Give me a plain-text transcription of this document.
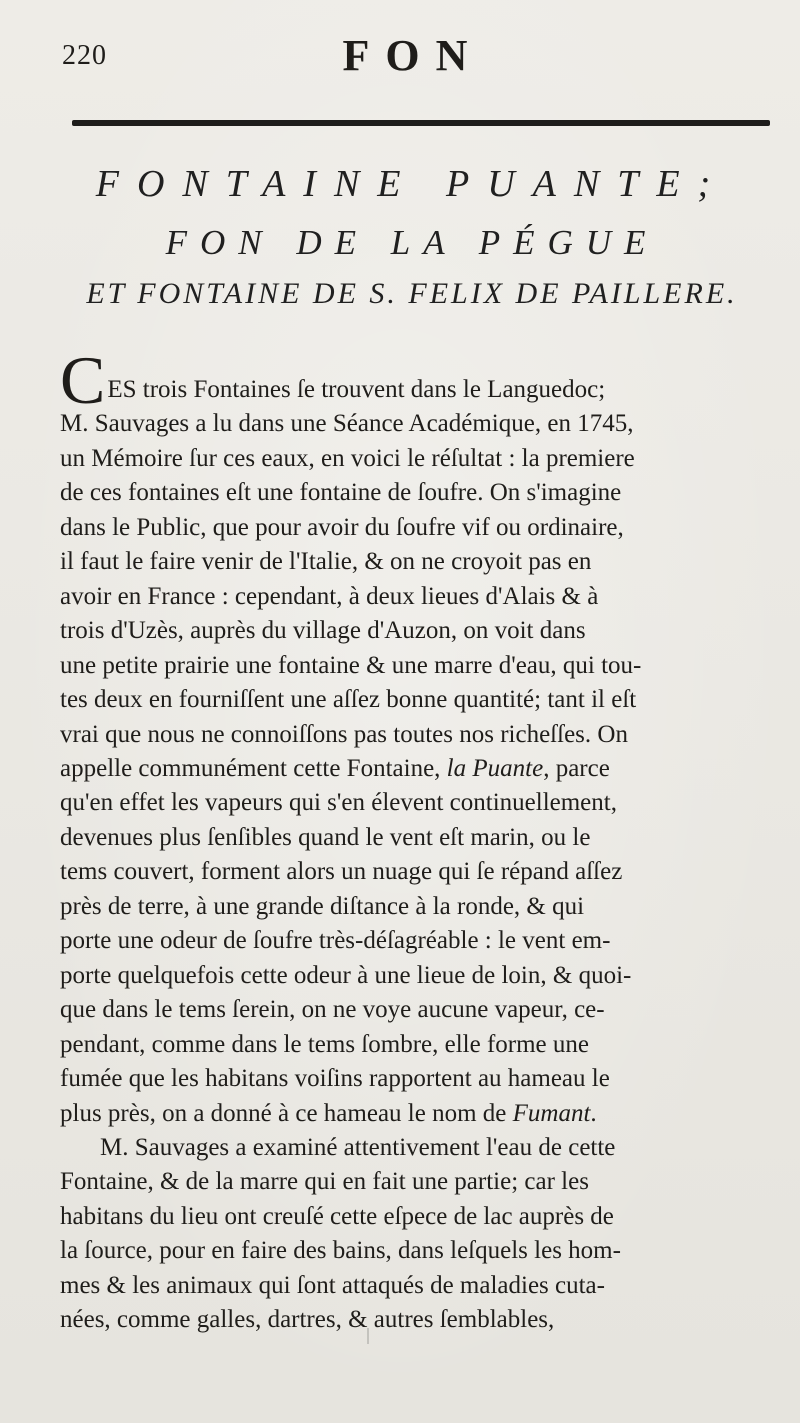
220	FON
FONTAINE PUANTE;
FON DE LA PÉGUE
ET FONTAINE DE S. FELIX DE PAILLERE.
CES trois Fontaines ſe trouvent dans le Languedoc;
M. Sauvages a lu dans une Séance Académique, en 1745,
un Mémoire ſur ces eaux, en voici le réſultat : la premiere
de ces fontaines eſt une fontaine de ſoufre. On s'imagine
dans le Public, que pour avoir du ſoufre vif ou ordinaire,
il faut le faire venir de l'Italie, & on ne croyoit pas en
avoir en France : cependant, à deux lieues d'Alais & à
trois d'Uzès, auprès du village d'Auzon, on voit dans
une petite prairie une fontaine & une marre d'eau, qui tou-
tes deux en fourniſſent une aſſez bonne quantité; tant il eſt
vrai que nous ne connoiſſons pas toutes nos richeſſes. On
appelle communément cette Fontaine, la Puante, parce
qu'en effet les vapeurs qui s'en élevent continuellement,
devenues plus ſenſibles quand le vent eſt marin, ou le
tems couvert, forment alors un nuage qui ſe répand aſſez
près de terre, à une grande diſtance à la ronde, & qui
porte une odeur de ſoufre très-déſagréable : le vent em-
porte quelquefois cette odeur à une lieue de loin, & quoi-
que dans le tems ſerein, on ne voye aucune vapeur, ce-
pendant, comme dans le tems ſombre, elle forme une
fumée que les habitans voiſins rapportent au hameau le
plus près, on a donné à ce hameau le nom de Fumant.
M. Sauvages a examiné attentivement l'eau de cette
Fontaine, & de la marre qui en fait une partie; car les
habitans du lieu ont creuſé cette eſpece de lac auprès de
la ſource, pour en faire des bains, dans leſquels les hom-
mes & les animaux qui ſont attaqués de maladies cuta-
nées, comme galles, dartres, & autres ſemblables,
